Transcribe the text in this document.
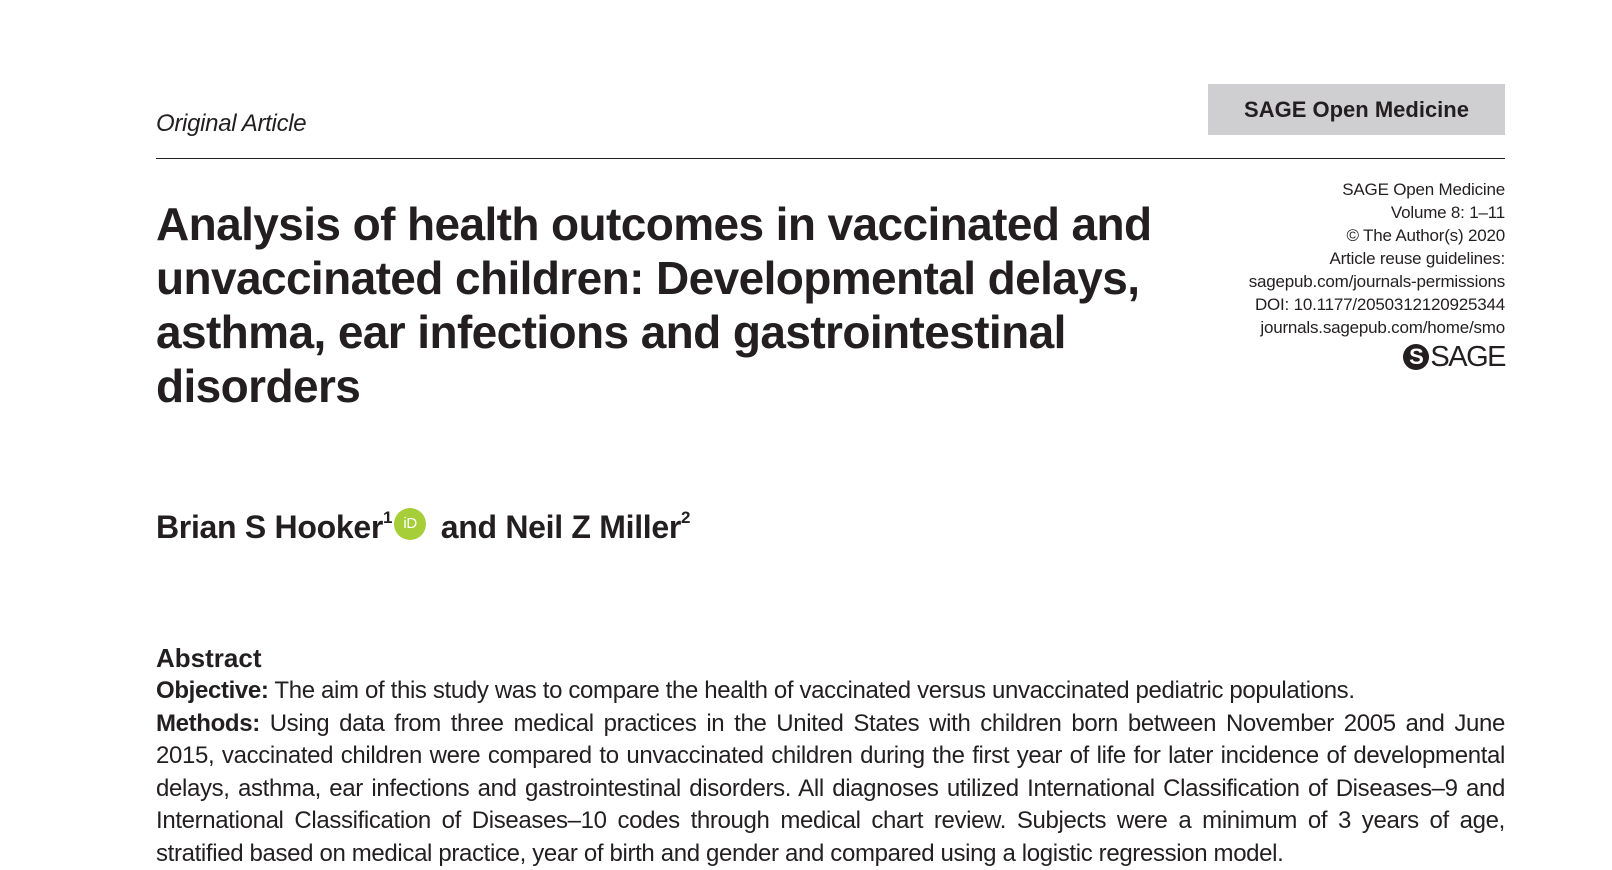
Original Article
SAGE Open Medicine
Analysis of health outcomes in vaccinated and unvaccinated children: Developmental delays, asthma, ear infections and gastrointestinal disorders
SAGE Open Medicine
Volume 8: 1–11
© The Author(s) 2020
Article reuse guidelines:
sagepub.com/journals-permissions
DOI: 10.1177/2050312120925344
journals.sagepub.com/home/smo
S SAGE
Brian S Hooker$^1$ iD and Neil Z Miller$^2$
Abstract

Objective: The aim of this study was to compare the health of vaccinated versus unvaccinated pediatric populations.

Methods: Using data from three medical practices in the United States with children born between November 2005 and June 2015, vaccinated children were compared to unvaccinated children during the first year of life for later incidence of developmental delays, asthma, ear infections and gastrointestinal disorders. All diagnoses utilized International Classification of Diseases–9 and International Classification of Diseases–10 codes through medical chart review. Subjects were a minimum of 3 years of age, stratified based on medical practice, year of birth and gender and compared using a logistic regression model.
